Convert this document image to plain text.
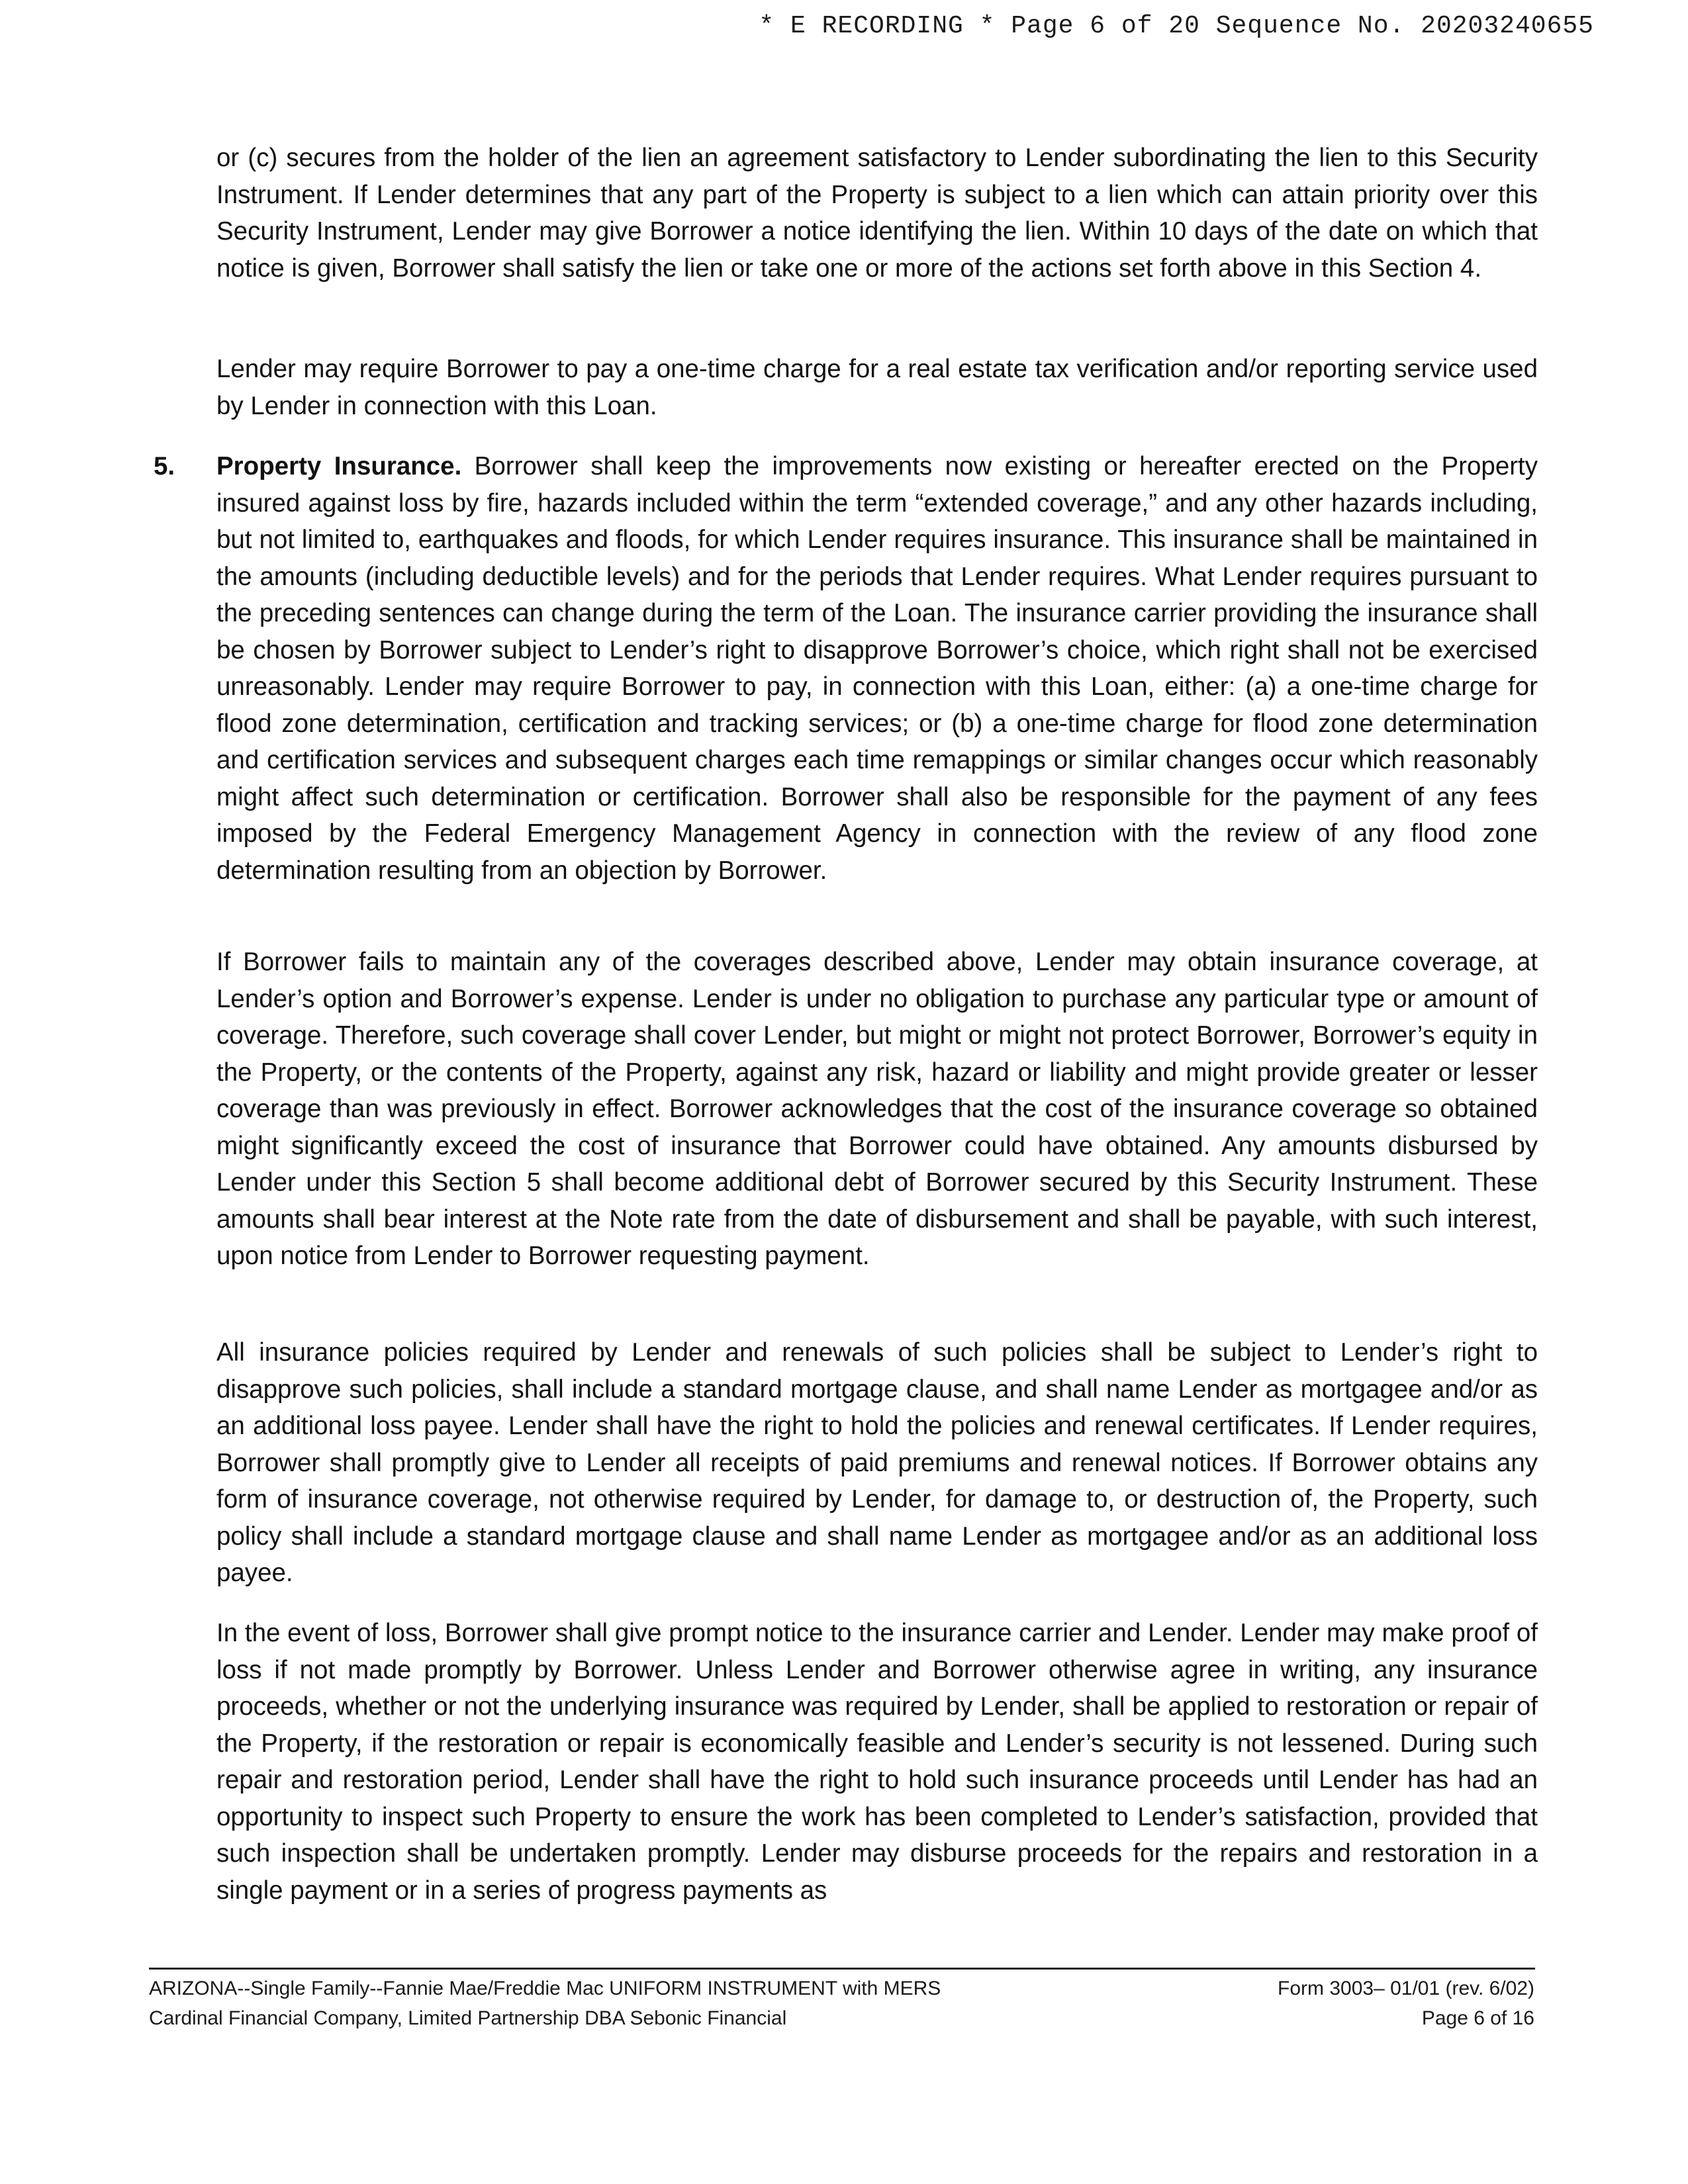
* E RECORDING * Page 6 of 20 Sequence No. 20203240655

or (c) secures from the holder of the lien an agreement satisfactory to Lender subordinating the lien to this Security Instrument. If Lender determines that any part of the Property is subject to a lien which can attain priority over this Security Instrument, Lender may give Borrower a notice identifying the lien. Within 10 days of the date on which that notice is given, Borrower shall satisfy the lien or take one or more of the actions set forth above in this Section 4.

Lender may require Borrower to pay a one-time charge for a real estate tax verification and/or reporting service used by Lender in connection with this Loan.

5. Property Insurance. Borrower shall keep the improvements now existing or hereafter erected on the Property insured against loss by fire, hazards included within the term “extended coverage,” and any other hazards including, but not limited to, earthquakes and floods, for which Lender requires insurance. This insurance shall be maintained in the amounts (including deductible levels) and for the periods that Lender requires. What Lender requires pursuant to the preceding sentences can change during the term of the Loan. The insurance carrier providing the insurance shall be chosen by Borrower subject to Lender’s right to disapprove Borrower’s choice, which right shall not be exercised unreasonably. Lender may require Borrower to pay, in connection with this Loan, either: (a) a one-time charge for flood zone determination, certification and tracking services; or (b) a one-time charge for flood zone determination and certification services and subsequent charges each time remappings or similar changes occur which reasonably might affect such determination or certification. Borrower shall also be responsible for the payment of any fees imposed by the Federal Emergency Management Agency in connection with the review of any flood zone determination resulting from an objection by Borrower.

If Borrower fails to maintain any of the coverages described above, Lender may obtain insurance coverage, at Lender’s option and Borrower’s expense. Lender is under no obligation to purchase any particular type or amount of coverage. Therefore, such coverage shall cover Lender, but might or might not protect Borrower, Borrower’s equity in the Property, or the contents of the Property, against any risk, hazard or liability and might provide greater or lesser coverage than was previously in effect. Borrower acknowledges that the cost of the insurance coverage so obtained might significantly exceed the cost of insurance that Borrower could have obtained. Any amounts disbursed by Lender under this Section 5 shall become additional debt of Borrower secured by this Security Instrument. These amounts shall bear interest at the Note rate from the date of disbursement and shall be payable, with such interest, upon notice from Lender to Borrower requesting payment.

All insurance policies required by Lender and renewals of such policies shall be subject to Lender’s right to disapprove such policies, shall include a standard mortgage clause, and shall name Lender as mortgagee and/or as an additional loss payee. Lender shall have the right to hold the policies and renewal certificates. If Lender requires, Borrower shall promptly give to Lender all receipts of paid premiums and renewal notices. If Borrower obtains any form of insurance coverage, not otherwise required by Lender, for damage to, or destruction of, the Property, such policy shall include a standard mortgage clause and shall name Lender as mortgagee and/or as an additional loss payee.

In the event of loss, Borrower shall give prompt notice to the insurance carrier and Lender. Lender may make proof of loss if not made promptly by Borrower. Unless Lender and Borrower otherwise agree in writing, any insurance proceeds, whether or not the underlying insurance was required by Lender, shall be applied to restoration or repair of the Property, if the restoration or repair is economically feasible and Lender’s security is not lessened. During such repair and restoration period, Lender shall have the right to hold such insurance proceeds until Lender has had an opportunity to inspect such Property to ensure the work has been completed to Lender’s satisfaction, provided that such inspection shall be undertaken promptly. Lender may disburse proceeds for the repairs and restoration in a single payment or in a series of progress payments as

ARIZONA--Single Family--Fannie Mae/Freddie Mac UNIFORM INSTRUMENT with MERS
Cardinal Financial Company, Limited Partnership DBA Sebonic Financial
Form 3003– 01/01 (rev. 6/02)
Page 6 of 16
